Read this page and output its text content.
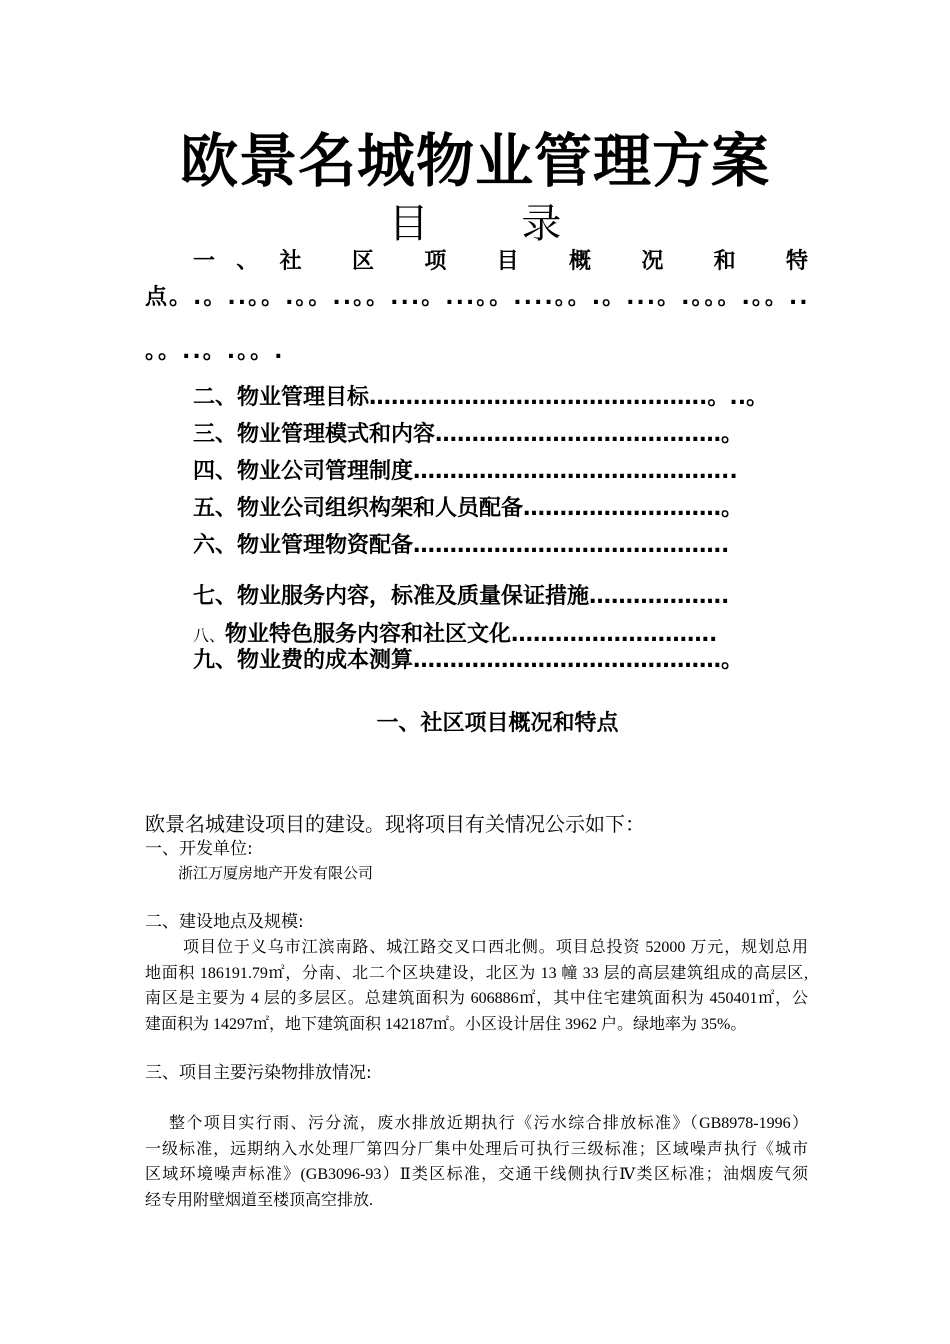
欧景名城物业管理方案
目 录
一、社 区 项 目 概 况 和 特
点。.。..。。.。。..。。...。...。。....。。.。...。.。。。.。。..
。。..。.。。.
二、物业管理目标……………………………………….。..。
三、物业管理模式和内容…………………………………。
四、物业公司管理制度……………………………………..
五、物业公司组织构架和人员配备………………………。
六、物业管理物资配备…………………………………….
七、物业服务内容，标准及质量保证措施……………….
八、物业特色服务内容和社区文化……………………….
九、物业费的成本测算……………………………………。
一、社区项目概况和特点
欧景名城建设项目的建设。现将项目有关情况公示如下：
一、开发单位:
浙江万厦房地产开发有限公司
二、建设地点及规模:
项目位于义乌市江滨南路、城江路交叉口西北侧。项目总投资 52000 万元，规划总用
地面积 186191.79㎡，分南、北二个区块建设，北区为 13 幢 33 层的高层建筑组成的高层区,
南区是主要为 4 层的多层区。总建筑面积为 606886㎡，其中住宅建筑面积为 450401㎡，公
建面积为 14297㎡，地下建筑面积 142187㎡。小区设计居住 3962 户。绿地率为 35%。
三、项目主要污染物排放情况:
整个项目实行雨、污分流，废水排放近期执行《污水综合排放标准》（GB8978-1996）
一级标准，远期纳入水处理厂第四分厂集中处理后可执行三级标准；区域噪声执行《城市
区域环境噪声标准》(GB3096-93）Ⅱ类区标准，交通干线侧执行Ⅳ类区标准；油烟废气须
经专用附壁烟道至楼顶高空排放.
